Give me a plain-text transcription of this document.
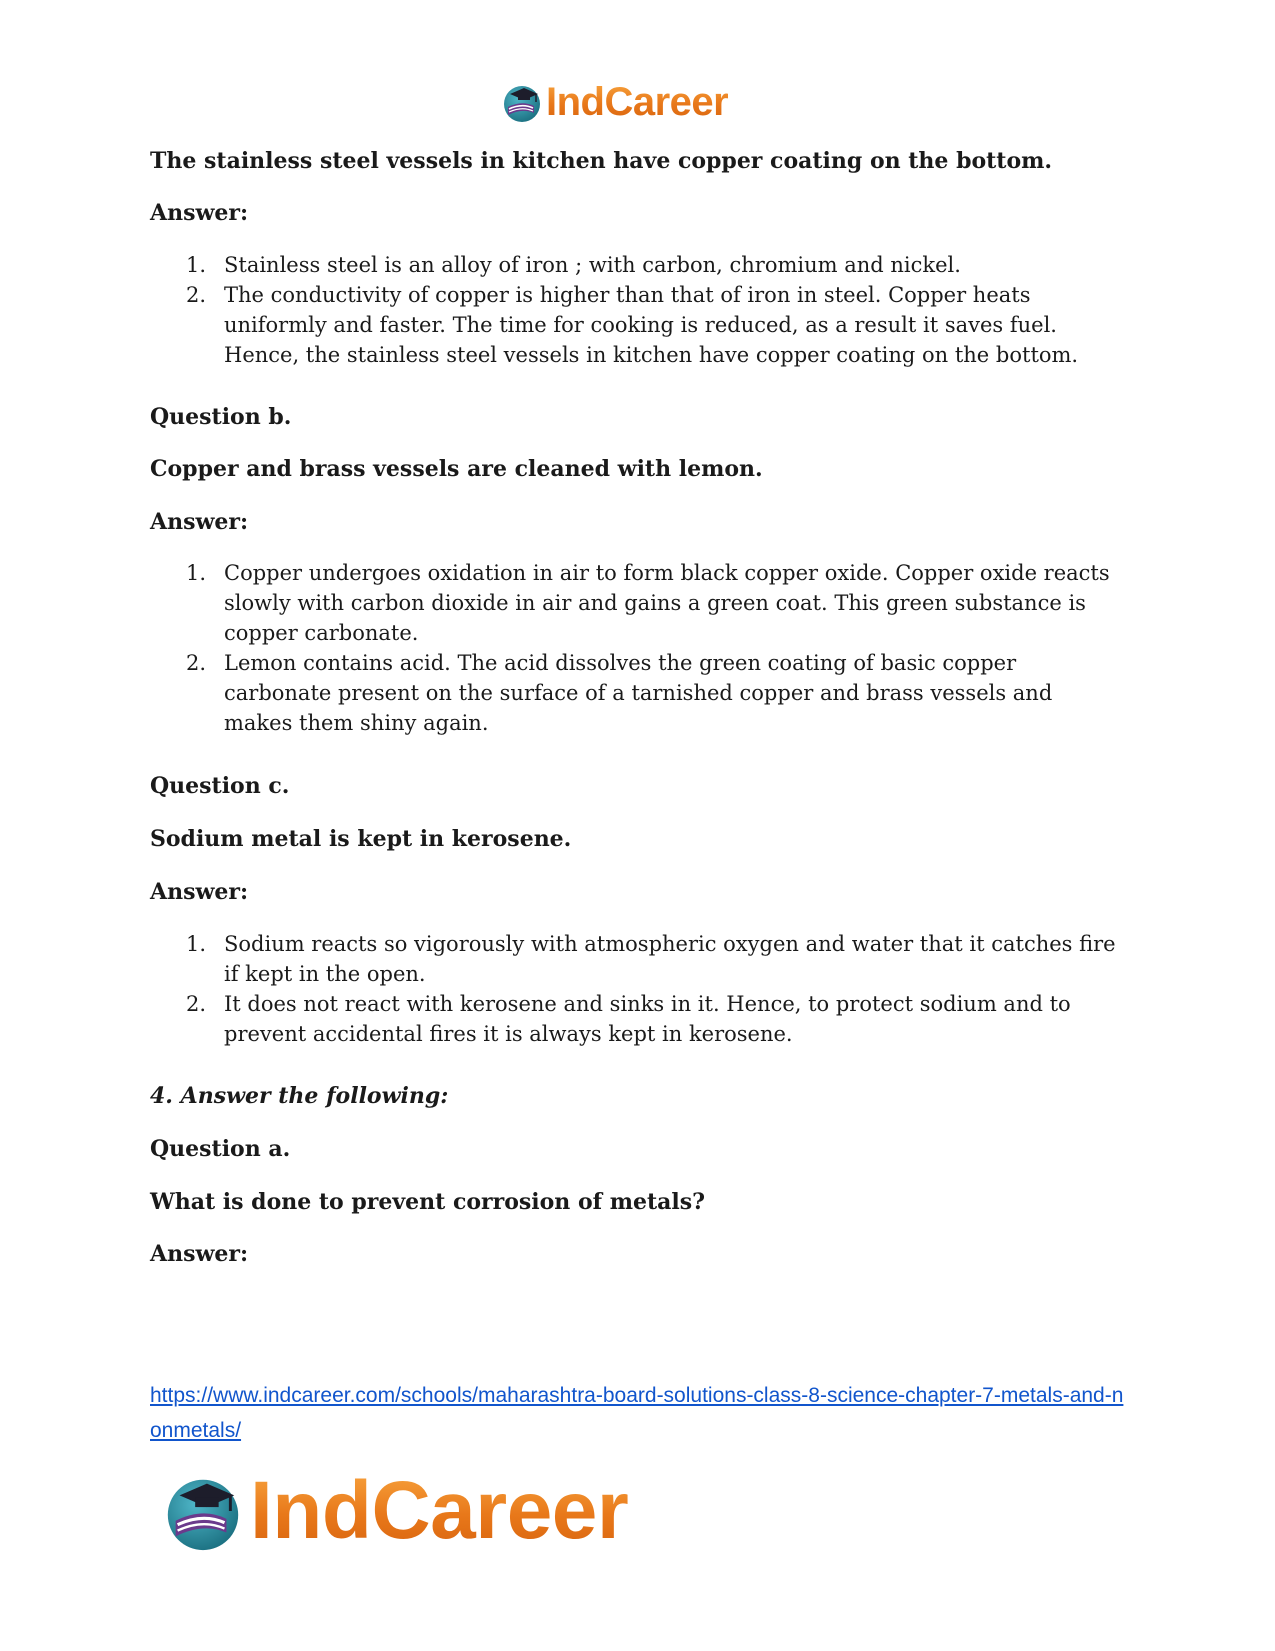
IndCareer

The stainless steel vessels in kitchen have copper coating on the bottom.

Answer:

1. Stainless steel is an alloy of iron ; with carbon, chromium and nickel.
2. The conductivity of copper is higher than that of iron in steel. Copper heats uniformly and faster. The time for cooking is reduced, as a result it saves fuel. Hence, the stainless steel vessels in kitchen have copper coating on the bottom.

Question b.

Copper and brass vessels are cleaned with lemon.

Answer:

1. Copper undergoes oxidation in air to form black copper oxide. Copper oxide reacts slowly with carbon dioxide in air and gains a green coat. This green substance is copper carbonate.
2. Lemon contains acid. The acid dissolves the green coating of basic copper carbonate present on the surface of a tarnished copper and brass vessels and makes them shiny again.

Question c.

Sodium metal is kept in kerosene.

Answer:

1. Sodium reacts so vigorously with atmospheric oxygen and water that it catches fire if kept in the open.
2. It does not react with kerosene and sinks in it. Hence, to protect sodium and to prevent accidental fires it is always kept in kerosene.

4. Answer the following:

Question a.

What is done to prevent corrosion of metals?

Answer:

https://www.indcareer.com/schools/maharashtra-board-solutions-class-8-science-chapter-7-metals-and-nonmetals/
IndCareer
